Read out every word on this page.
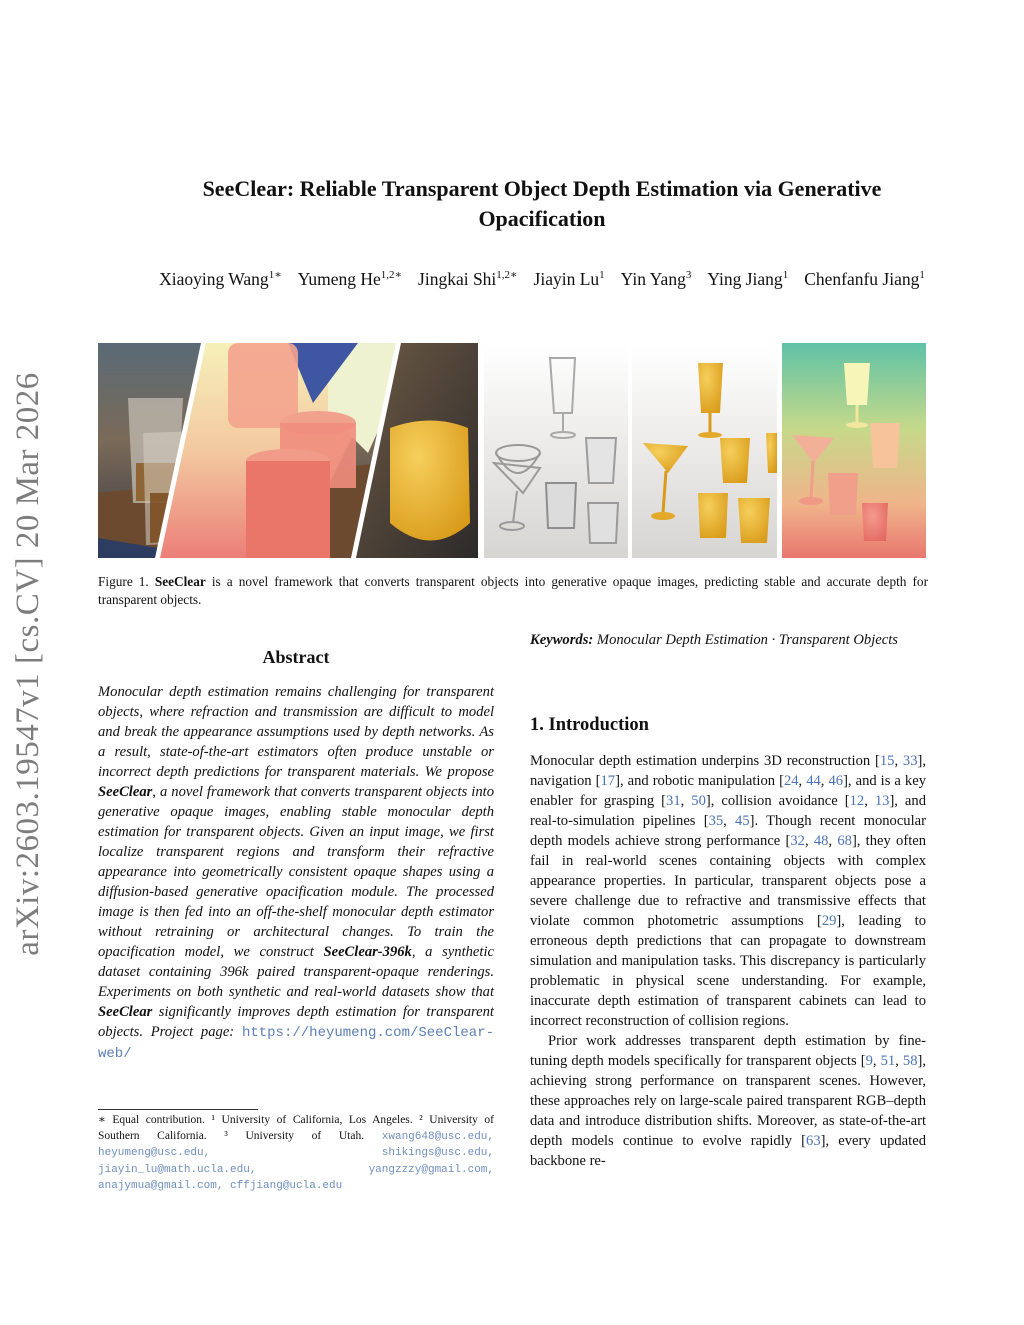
arXiv:2603.19547v1 [cs.CV] 20 Mar 2026
SeeClear: Reliable Transparent Object Depth Estimation via Generative
Opacification
Xiaoying Wang$^{1∗}$ Yumeng $He^{1,2∗}$ Jingkai Shi$^{1,2∗}$ Jiayin Lu$^1$ Yin Yang$^3$ Ying Jiang$^1$ Chenfanfu Jiang$^1$
Figure 1. SeeClear is a novel framework that converts transparent objects into generative opaque images, predicting stable and accurate depth for transparent objects.
Abstract
Monocular depth estimation remains challenging for transparent objects, where refraction and transmission are difficult to model and break the appearance assumptions used by depth networks. As a result, state-of-the-art estimators often produce unstable or incorrect depth predictions for transparent materials. We propose SeeClear, a novel framework that converts transparent objects into generative opaque images, enabling stable monocular depth estimation for transparent objects. Given an input image, we first localize transparent regions and transform their refractive appearance into geometrically consistent opaque shapes using a diffusion-based generative opacification module. The processed image is then fed into an off-the-shelf monocular depth estimator without retraining or architectural changes. To train the opacification model, we construct SeeClear-396k, a synthetic dataset containing 396k paired transparent-opaque renderings. Experiments on both synthetic and real-world datasets show that SeeClear significantly improves depth estimation for transparent objects. Project page: https://heyumeng.com/SeeClear-web/
∗ Equal contribution. ¹ University of California, Los Angeles. ² University of Southern California. ³ University of Utah. xwang648@usc.edu, heyumeng@usc.edu, shikings@usc.edu, jiayin_lu@math.ucla.edu, yangzzzy@gmail.com, anajymua@gmail.com, cffjiang@ucla.edu
Keywords: Monocular Depth Estimation · Transparent Objects
1. Introduction

Monocular depth estimation underpins 3D reconstruction [15, 33], navigation [17], and robotic manipulation [24, 44, 46], and is a key enabler for grasping [31, 50], collision avoidance [12, 13], and real-to-simulation pipelines [35, 45]. Though recent monocular depth models achieve strong performance [32, 48, 68], they often fail in real-world scenes containing objects with complex appearance properties. In particular, transparent objects pose a severe challenge due to refractive and transmissive effects that violate common photometric assumptions [29], leading to erroneous depth predictions that can propagate to downstream simulation and manipulation tasks. This discrepancy is particularly problematic in physical scene understanding. For example, inaccurate depth estimation of transparent cabinets can lead to incorrect reconstruction of collision regions.

Prior work addresses transparent depth estimation by fine-tuning depth models specifically for transparent objects [9, 51, 58], achieving strong performance on transparent scenes. However, these approaches rely on large-scale paired transparent RGB–depth data and introduce distribution shifts. Moreover, as state-of-the-art depth models continue to evolve rapidly [63], every updated backbone re-
